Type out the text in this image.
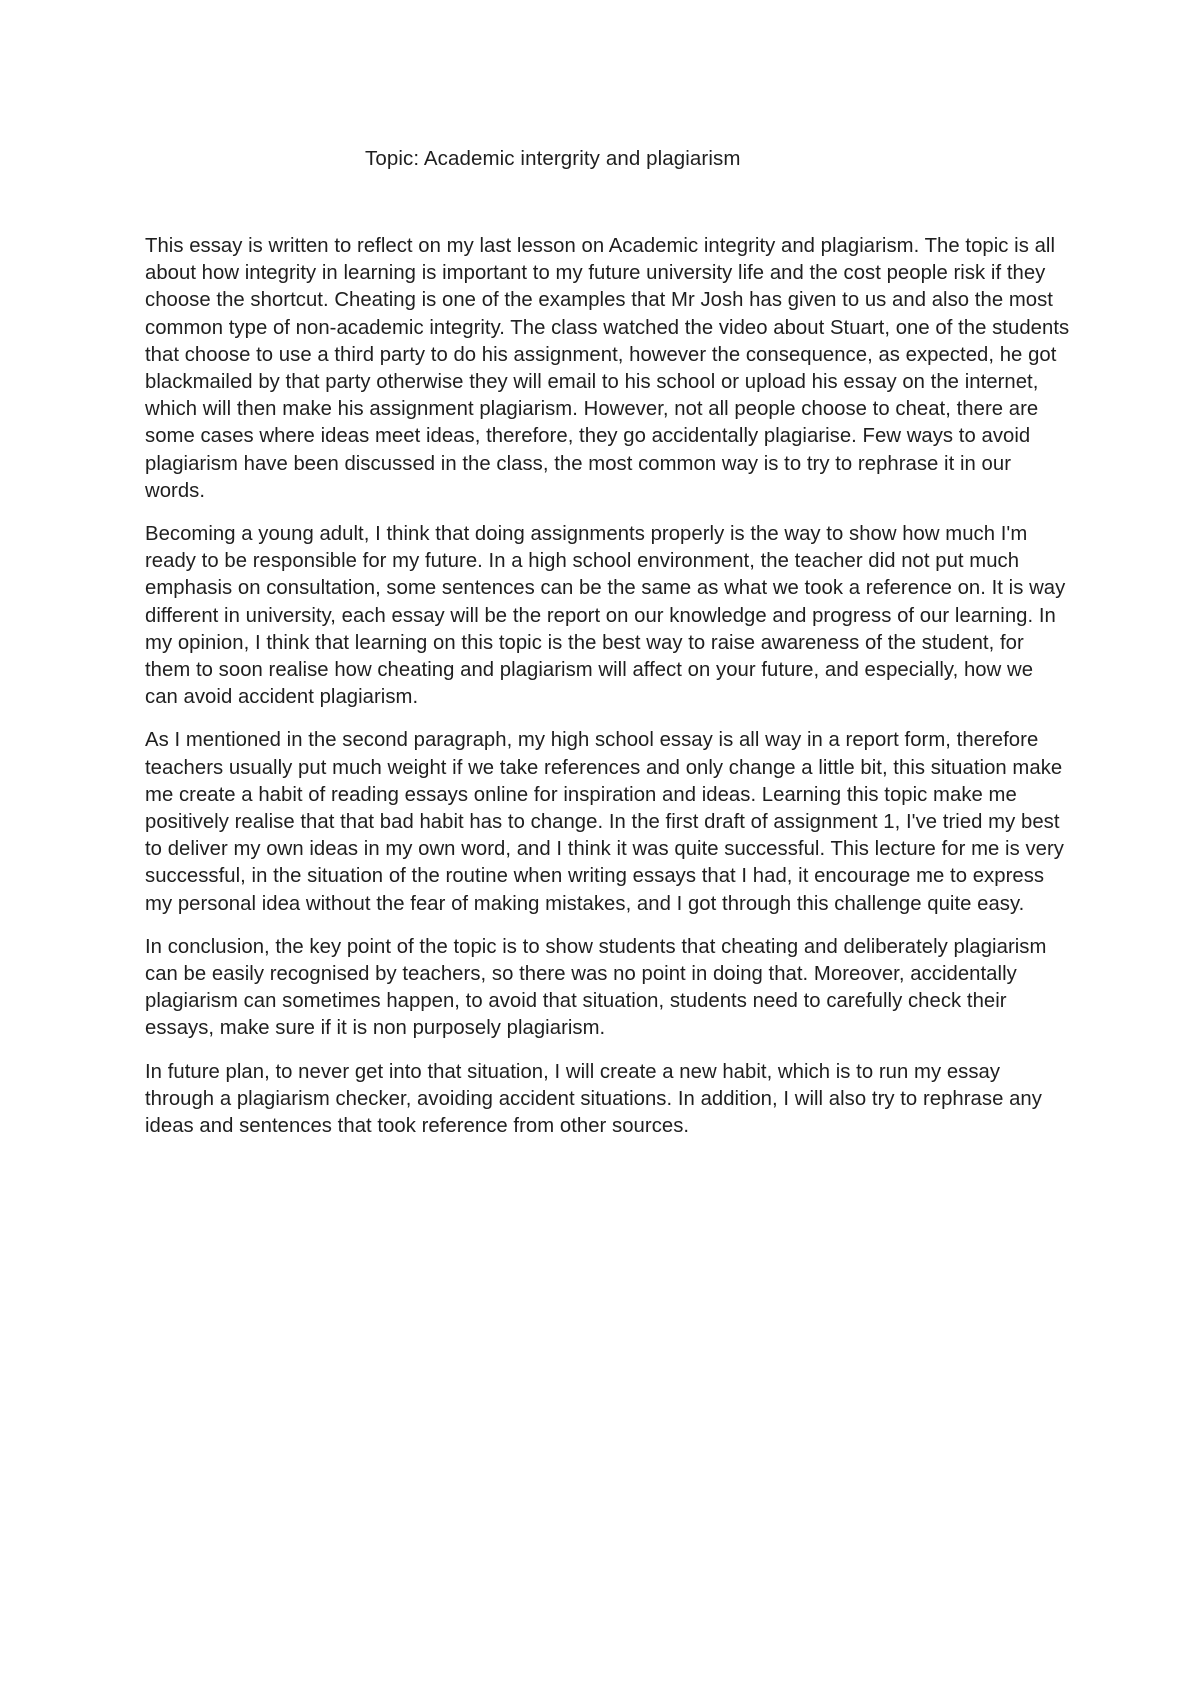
Topic: Academic intergrity and plagiarism

This essay is written to reflect on my last lesson on Academic integrity and plagiarism. The topic is all about how integrity in learning is important to my future university life and the cost people risk if they choose the shortcut. Cheating is one of the examples that Mr Josh has given to us and also the most common type of non-academic integrity. The class watched the video about Stuart, one of the students that choose to use a third party to do his assignment, however the consequence, as expected, he got blackmailed by that party otherwise they will email to his school or upload his essay on the internet, which will then make his assignment plagiarism. However, not all people choose to cheat, there are some cases where ideas meet ideas, therefore, they go accidentally plagiarise. Few ways to avoid plagiarism have been discussed in the class, the most common way is to try to rephrase it in our words.

Becoming a young adult, I think that doing assignments properly is the way to show how much I'm ready to be responsible for my future. In a high school environment, the teacher did not put much emphasis on consultation, some sentences can be the same as what we took a reference on. It is way different in university, each essay will be the report on our knowledge and progress of our learning. In my opinion, I think that learning on this topic is the best way to raise awareness of the student, for them to soon realise how cheating and plagiarism will affect on your future, and especially, how we can avoid accident plagiarism.

As I mentioned in the second paragraph, my high school essay is all way in a report form, therefore teachers usually put much weight if we take references and only change a little bit, this situation make me create a habit of reading essays online for inspiration and ideas. Learning this topic make me positively realise that that bad habit has to change. In the first draft of assignment 1, I've tried my best to deliver my own ideas in my own word, and I think it was quite successful. This lecture for me is very successful, in the situation of the routine when writing essays that I had, it encourage me to express my personal idea without the fear of making mistakes, and I got through this challenge quite easy.

In conclusion, the key point of the topic is to show students that cheating and deliberately plagiarism can be easily recognised by teachers, so there was no point in doing that. Moreover, accidentally plagiarism can sometimes happen, to avoid that situation, students need to carefully check their essays, make sure if it is non purposely plagiarism.

In future plan, to never get into that situation, I will create a new habit, which is to run my essay through a plagiarism checker, avoiding accident situations. In addition, I will also try to rephrase any ideas and sentences that took reference from other sources.
